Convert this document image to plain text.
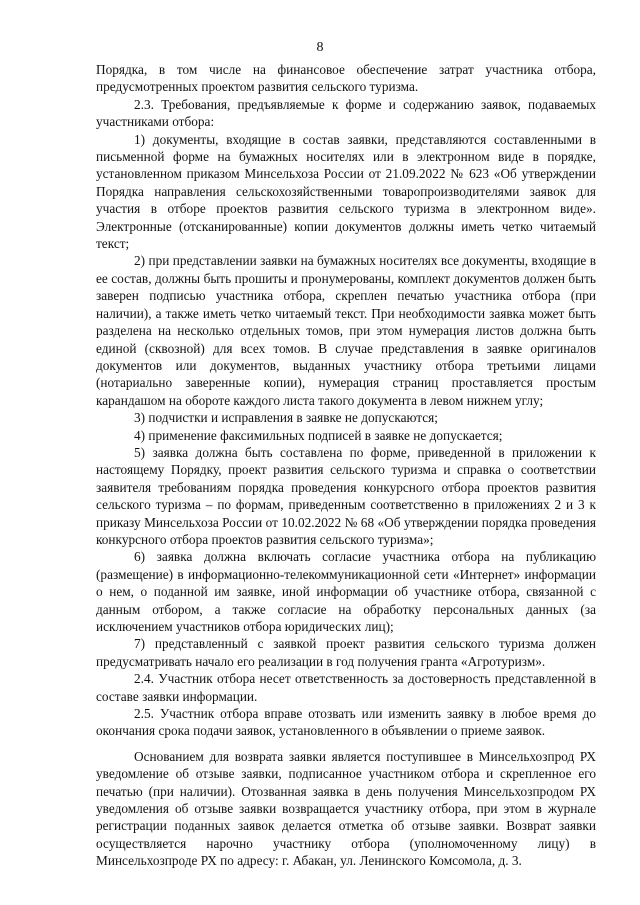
8

Порядка, в том числе на финансовое обеспечение затрат участника отбора, предусмотренных проектом развития сельского туризма.

2.3. Требования, предъявляемые к форме и содержанию заявок, подаваемых участниками отбора:

1) документы, входящие в состав заявки, представляются составленными в письменной форме на бумажных носителях или в электронном виде в порядке, установленном приказом Минсельхоза России от 21.09.2022 № 623 «Об утверждении Порядка направления сельскохозяйственными товаропроизводителями заявок для участия в отборе проектов развития сельского туризма в электронном виде». Электронные (отсканированные) копии документов должны иметь четко читаемый текст;

2) при представлении заявки на бумажных носителях все документы, входящие в ее состав, должны быть прошиты и пронумерованы, комплект документов должен быть заверен подписью участника отбора, скреплен печатью участника отбора (при наличии), а также иметь четко читаемый текст. При необходимости заявка может быть разделена на несколько отдельных томов, при этом нумерация листов должна быть единой (сквозной) для всех томов. В случае представления в заявке оригиналов документов или документов, выданных участнику отбора третьими лицами (нотариально заверенные копии), нумерация страниц проставляется простым карандашом на обороте каждого листа такого документа в левом нижнем углу;

3) подчистки и исправления в заявке не допускаются;

4) применение факсимильных подписей в заявке не допускается;

5) заявка должна быть составлена по форме, приведенной в приложении к настоящему Порядку, проект развития сельского туризма и справка о соответствии заявителя требованиям порядка проведения конкурсного отбора проектов развития сельского туризма – по формам, приведенным соответственно в приложениях 2 и 3 к приказу Минсельхоза России от 10.02.2022 № 68 «Об утверждении порядка проведения конкурсного отбора проектов развития сельского туризма»;

6) заявка должна включать согласие участника отбора на публикацию (размещение) в информационно-телекоммуникационной сети «Интернет» информации о нем, о поданной им заявке, иной информации об участнике отбора, связанной с данным отбором, а также согласие на обработку персональных данных (за исключением участников отбора юридических лиц);

7) представленный с заявкой проект развития сельского туризма должен предусматривать начало его реализации в год получения гранта «Агротуризм».

2.4. Участник отбора несет ответственность за достоверность представленной в составе заявки информации.

2.5. Участник отбора вправе отозвать или изменить заявку в любое время до окончания срока подачи заявок, установленного в объявлении о приеме заявок.

Основанием для возврата заявки является поступившее в Минсельхозпрод РХ уведомление об отзыве заявки, подписанное участником отбора и скрепленное его печатью (при наличии). Отозванная заявка в день получения Минсельхозпродом РХ уведомления об отзыве заявки возвращается участнику отбора, при этом в журнале регистрации поданных заявок делается отметка об отзыве заявки. Возврат заявки осуществляется нарочно участнику отбора (уполномоченному лицу) в Минсельхозпроде РХ по адресу: г. Абакан, ул. Ленинского Комсомола, д. 3.
